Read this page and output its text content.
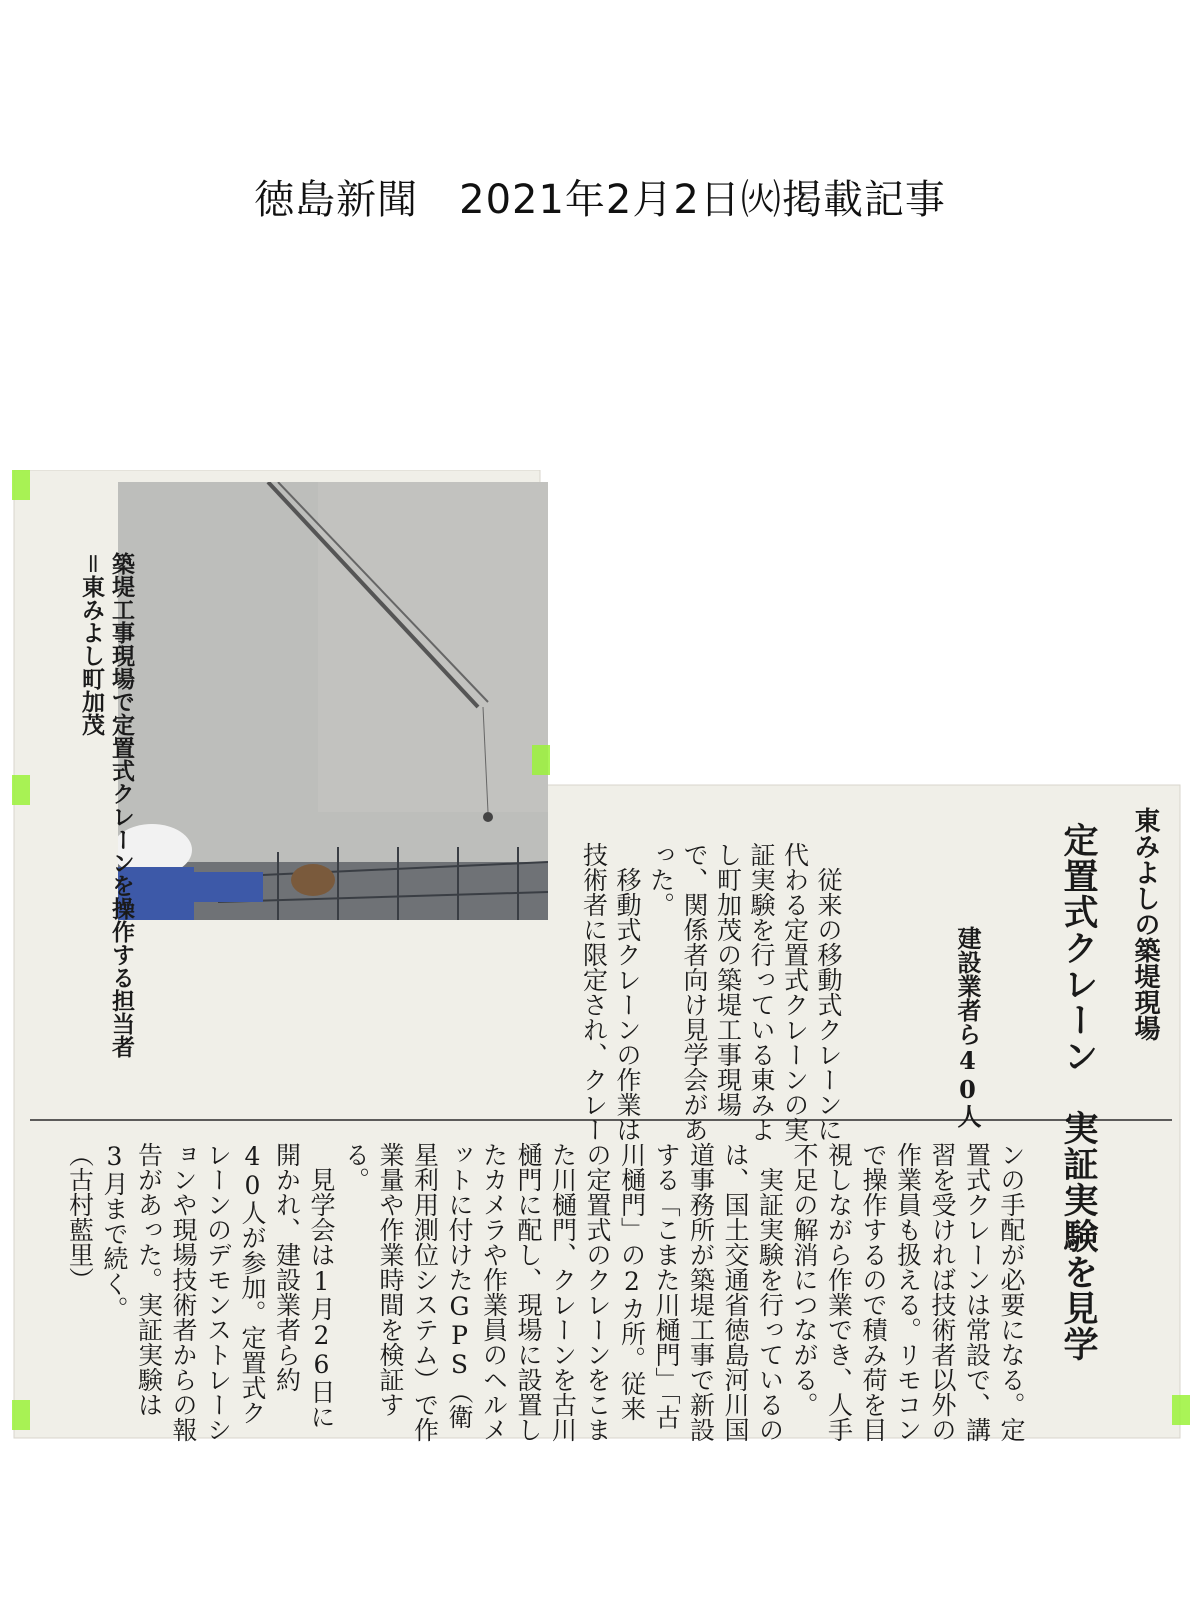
徳島新聞　2021年2月2日㈫掲載記事
築堤工事現場で定置式クレーンを操作する担当者
＝東みよし町加茂
東みよしの築堤現場
定置式クレーン　実証実験を見学
建設業者ら40人
　従来の移動式クレーンに代わる定置式クレーンの実証実験を行っている東みよし町加茂の築堤工事現場で、関係者向け見学会があった。
　移動式クレーンの作業は技術者に限定され、クレー
ンの手配が必要になる。定置式クレーンは常設で、講習を受ければ技術者以外の作業員も扱える。リモコンで操作するので積み荷を目視しながら作業でき、人手不足の解消につながる。
　実証実験を行っているのは、国土交通省徳島河川国道事務所が築堤工事で新設する「こまた川樋門」「古川樋門」の2カ所。従来の定置式のクレーンをこまた川樋門、クレーンを古川樋門に配し、現場に設置したカメラや作業員のヘルメットに付けたGPS（衛星利用測位システム）で作業量や作業時間を検証する。
　見学会は1月26日に開かれ、建設業者ら約40人が参加。定置式クレーンのデモンストレーションや現場技術者からの報告があった。実証実験は3月まで続く。
（古村藍里）
